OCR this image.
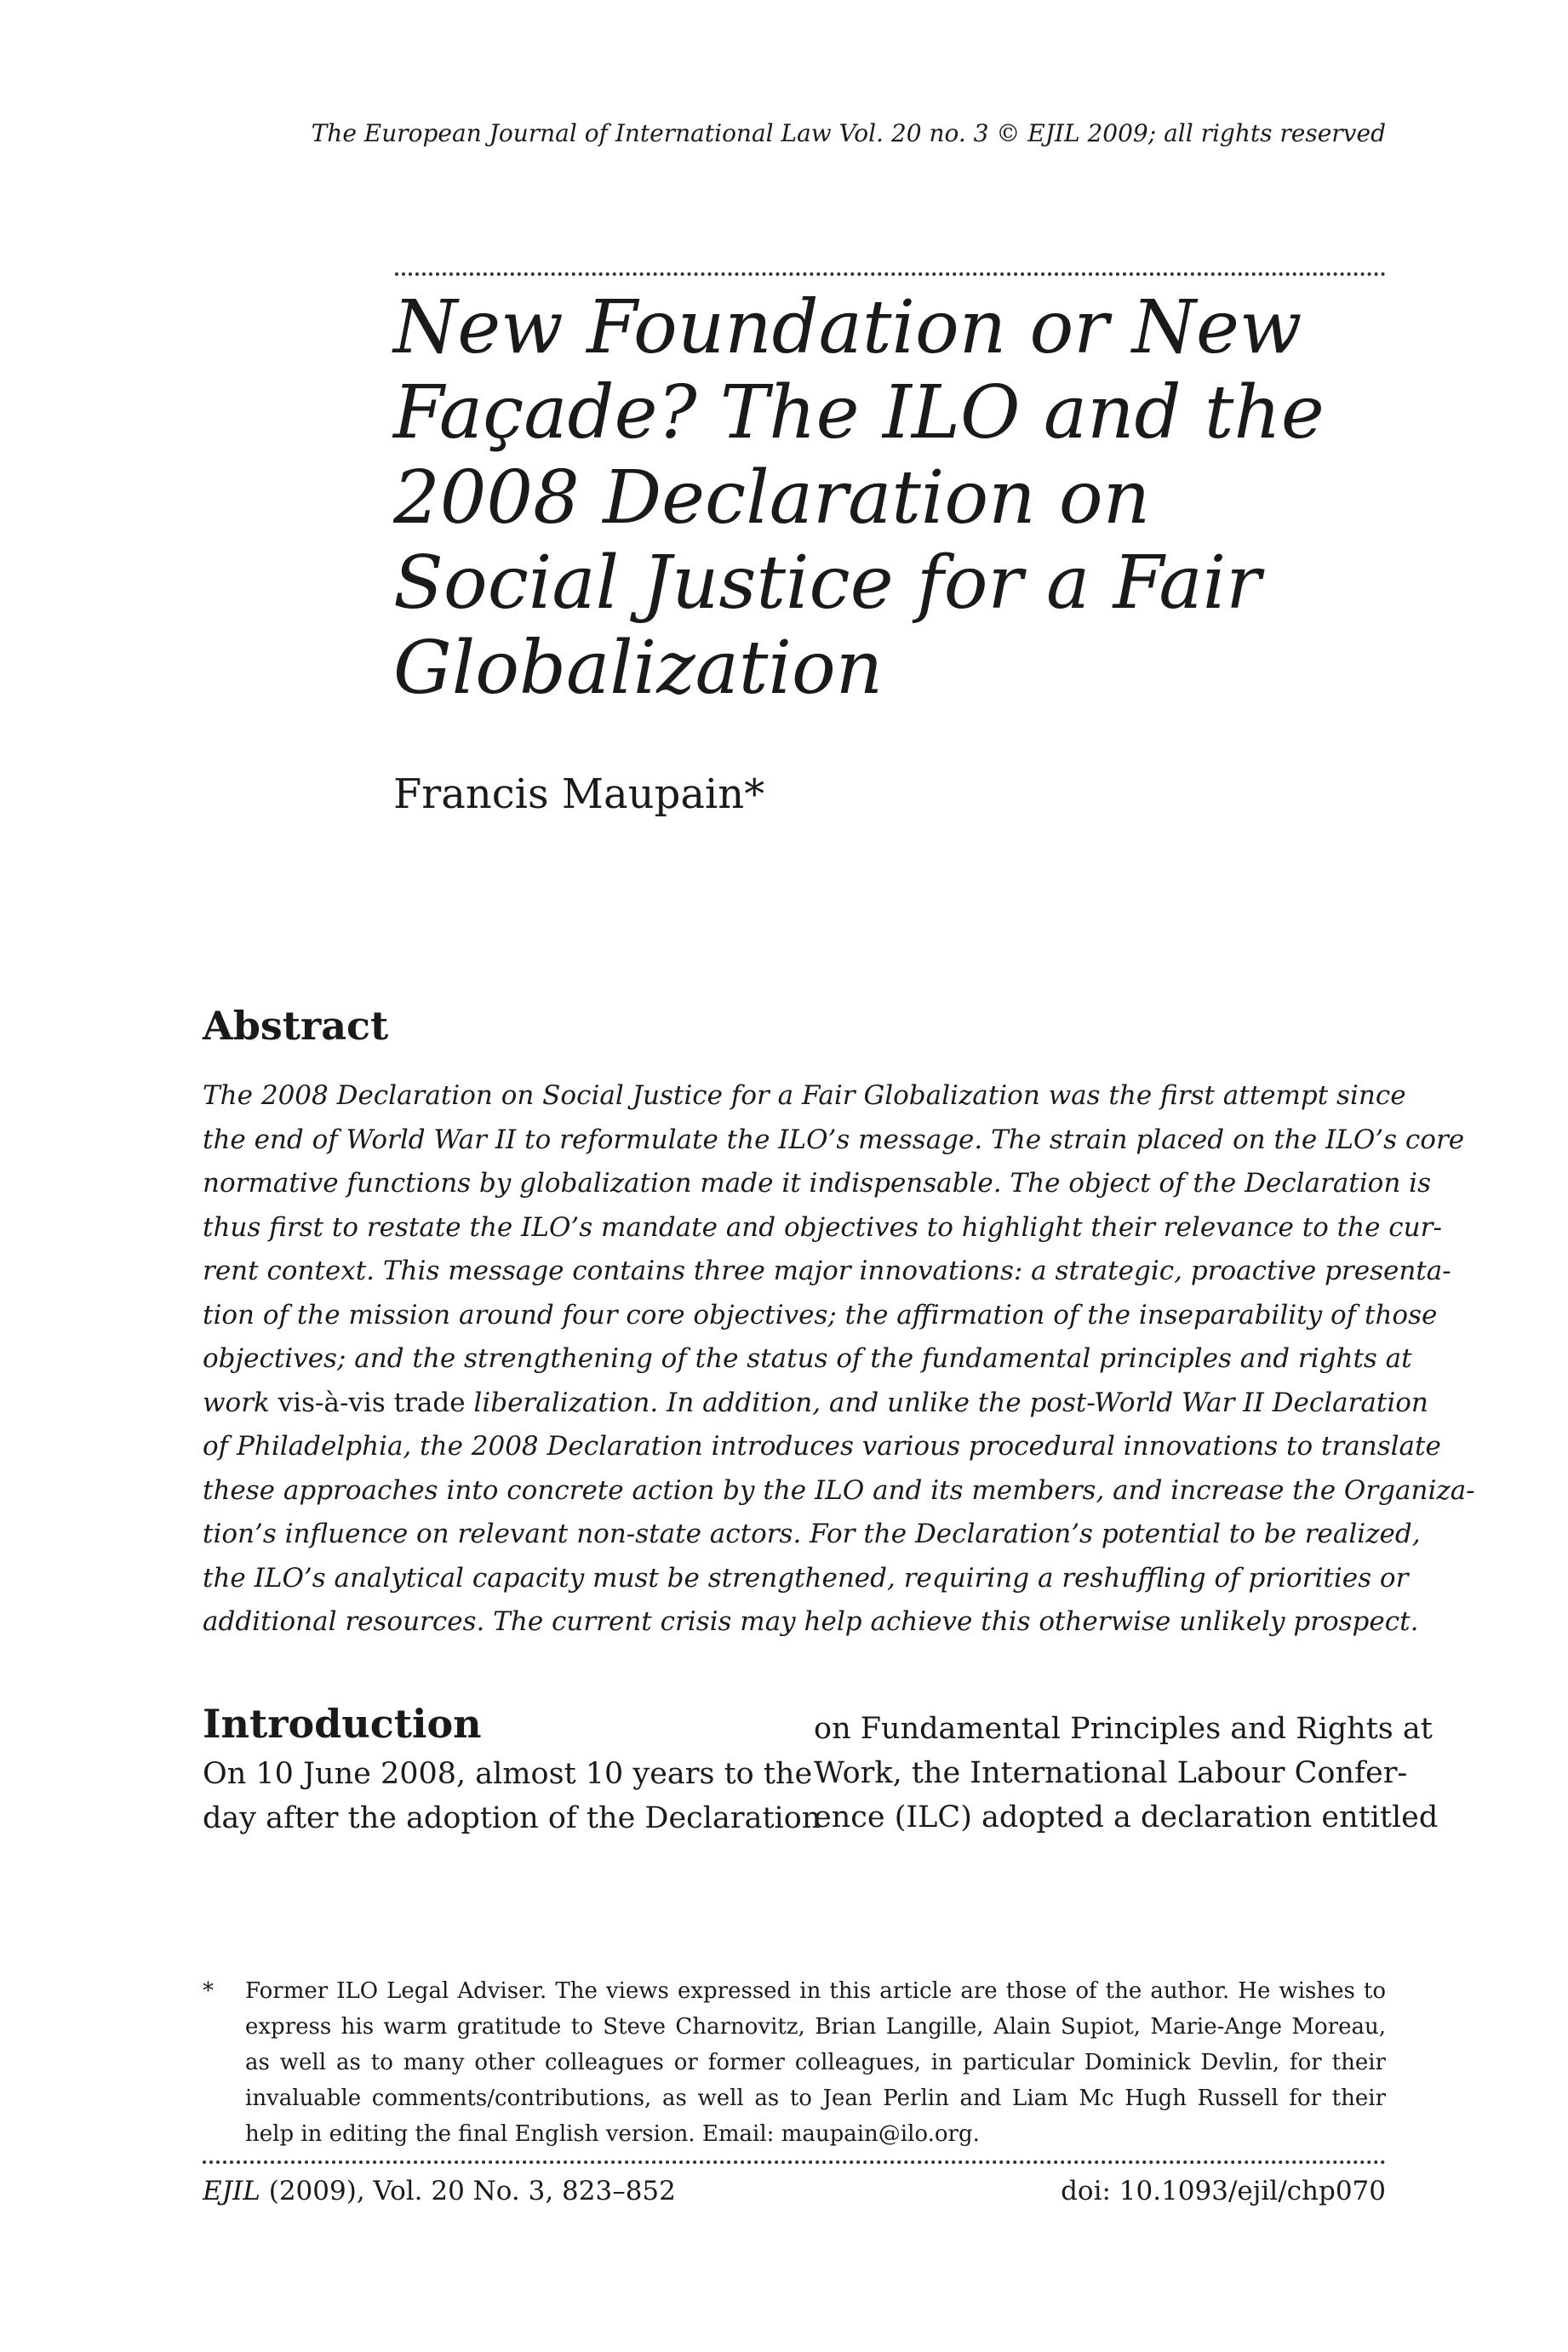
The European Journal of International Law Vol. 20 no. 3 © EJIL 2009; all rights reserved
New Foundation or New
Façade? The ILO and the
2008 Declaration on
Social Justice for a Fair
Globalization
Francis Maupain*
Abstract
The 2008 Declaration on Social Justice for a Fair Globalization was the first attempt since
the end of World War II to reformulate the ILO’s message. The strain placed on the ILO’s core
normative functions by globalization made it indispensable. The object of the Declaration is
thus first to restate the ILO’s mandate and objectives to highlight their relevance to the cur-
rent context. This message contains three major innovations: a strategic, proactive presenta-
tion of the mission around four core objectives; the affirmation of the inseparability of those
objectives; and the strengthening of the status of the fundamental principles and rights at
work vis-à-vis trade liberalization. In addition, and unlike the post-World War II Declaration
of Philadelphia, the 2008 Declaration introduces various procedural innovations to translate
these approaches into concrete action by the ILO and its members, and increase the Organiza-
tion’s influence on relevant non-state actors. For the Declaration’s potential to be realized,
the ILO’s analytical capacity must be strengthened, requiring a reshuffling of priorities or
additional resources. The current crisis may help achieve this otherwise unlikely prospect.
Introduction
On 10 June 2008, almost 10 years to the
day after the adoption of the Declaration
on Fundamental Principles and Rights at
Work, the International Labour Confer-
ence (ILC) adopted a declaration entitled
* Former ILO Legal Adviser. The views expressed in this article are those of the author. He wishes to
express his warm gratitude to Steve Charnovitz, Brian Langille, Alain Supiot, Marie-Ange Moreau,
as well as to many other colleagues or former colleagues, in particular Dominick Devlin, for their
invaluable comments/contributions, as well as to Jean Perlin and Liam Mc Hugh Russell for their
help in editing the final English version. Email: maupain@ilo.org.
EJIL (2009), Vol. 20 No. 3, 823–852	doi: 10.1093/ejil/chp070
